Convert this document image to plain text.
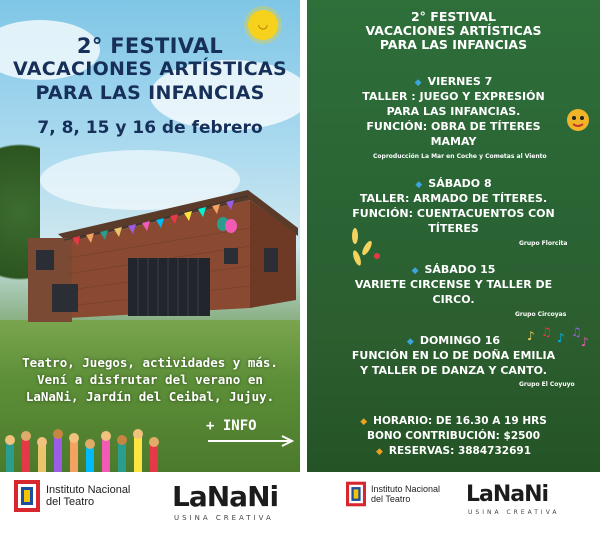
◡
2° FESTIVAL
VACACIONES ARTÍSTICAS
PARA LAS INFANCIAS
7, 8, 15 y 16 de febrero
Teatro, Juegos, actividades y más.
Vení a disfrutar del verano en
LaNaNi, Jardín del Ceibal, Jujuy.
+ INFO
2° FESTIVAL
VACACIONES ARTÍSTICAS
PARA LAS INFANCIAS
◆ VIERNES 7
TALLER : JUEGO Y EXPRESIÓN
PARA LAS INFANCIAS.
FUNCIÓN: OBRA DE TÍTERES
MAMAY
Coproducción La Mar en Coche y Cometas al Viento
◆ SÁBADO 8
TALLER: ARMADO DE TÍTERES.
FUNCIÓN: CUENTACUENTOS CON
TÍTERES
Grupo Florcita
◆ SÁBADO 15
VARIETE CIRCENSE Y TALLER DE
CIRCO.
Grupo Circoyas
◆ DOMINGO 16
FUNCIÓN EN LO DE DOÑA EMILIA
Y TALLER DE DANZA Y CANTO.
Grupo El Coyuyo
♪ ♫ ♪ ♫
♪
◆ HORARIO: DE 16.30 A 19 HRS
BONO CONTRIBUCIÓN: $2500
◆ RESERVAS: 3884732691
Instituto Nacional
del Teatro	LaNaNi
USINA CREATIVA
Instituto Nacional
del Teatro	LaNaNi
USINA CREATIVA
